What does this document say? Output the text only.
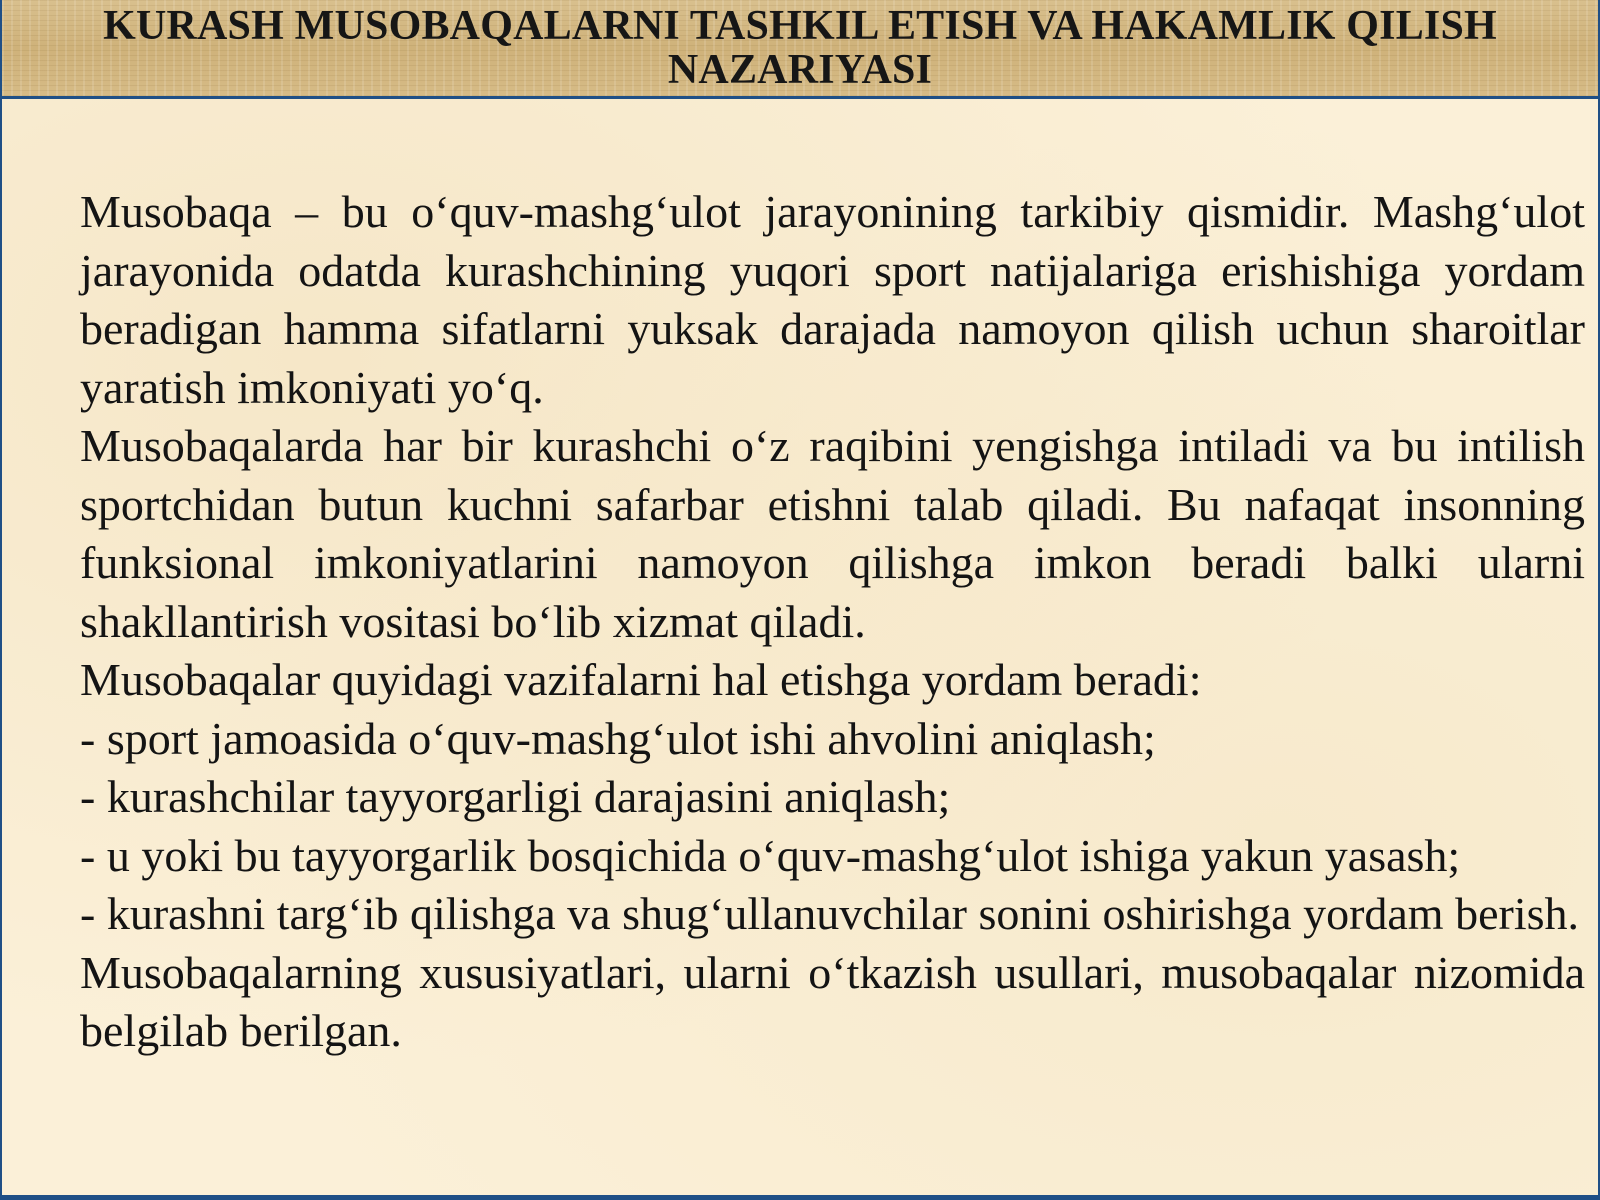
KURASH MUSOBAQALARNI TASHKIL ETISH VA HAKAMLIK QILISH NAZARIYASI

Musobaqa – bu o‘quv-mashg‘ulot jarayonining tarkibiy qismidir. Mashg‘ulot jarayonida odatda kurashchining yuqori sport natijalariga erishishiga yordam beradigan hamma sifatlarni yuksak darajada namoyon qilish uchun sharoitlar yaratish imkoniyati yo‘q.

Musobaqalarda har bir kurashchi o‘z raqibini yengishga intiladi va bu intilish sportchidan butun kuchni safarbar etishni talab qiladi. Bu nafaqat insonning funksional imkoniyatlarini namoyon qilishga imkon beradi balki ularni shakllantirish vositasi bo‘lib xizmat qiladi.

Musobaqalar quyidagi vazifalarni hal etishga yordam beradi:

- sport jamoasida o‘quv-mashg‘ulot ishi ahvolini aniqlash;

- kurashchilar tayyorgarligi darajasini aniqlash;

- u yoki bu tayyorgarlik bosqichida o‘quv-mashg‘ulot ishiga yakun yasash;

- kurashni targ‘ib qilishga va shug‘ullanuvchilar sonini oshirishga yordam berish.

Musobaqalarning xususiyatlari, ularni o‘tkazish usullari, musobaqalar nizomida belgilab berilgan.
